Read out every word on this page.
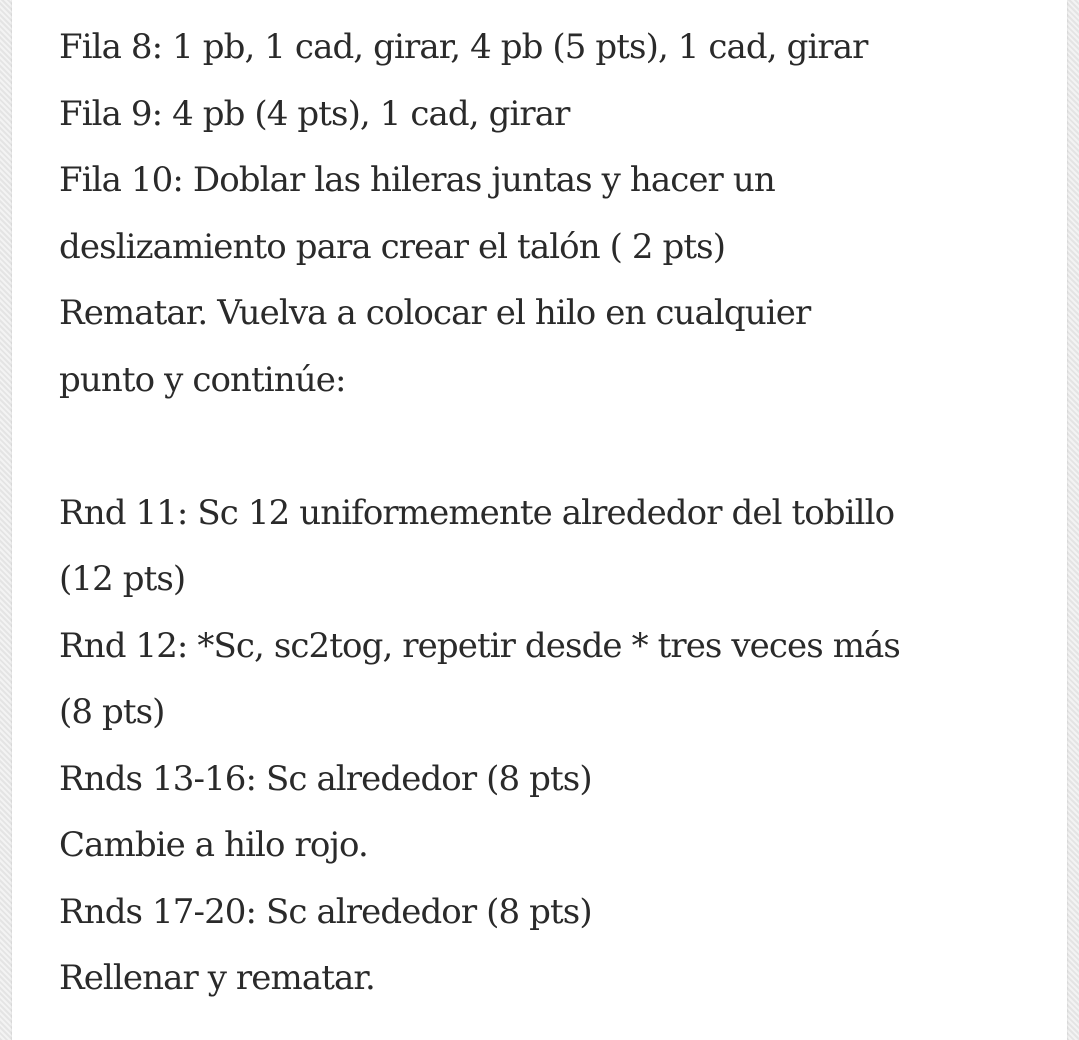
Fila 8: 1 pb, 1 cad, girar, 4 pb (5 pts), 1 cad, girar
Fila 9: 4 pb (4 pts), 1 cad, girar
Fila 10: Doblar las hileras juntas y hacer un
deslizamiento para crear el talón ( 2 pts)
Rematar. Vuelva a colocar el hilo en cualquier
punto y continúe:
Rnd 11: Sc 12 uniformemente alrededor del tobillo
(12 pts)
Rnd 12: *Sc, sc2tog, repetir desde * tres veces más
(8 pts)
Rnds 13-16: Sc alrededor (8 pts)
Cambie a hilo rojo.
Rnds 17-20: Sc alrededor (8 pts)
Rellenar y rematar.
